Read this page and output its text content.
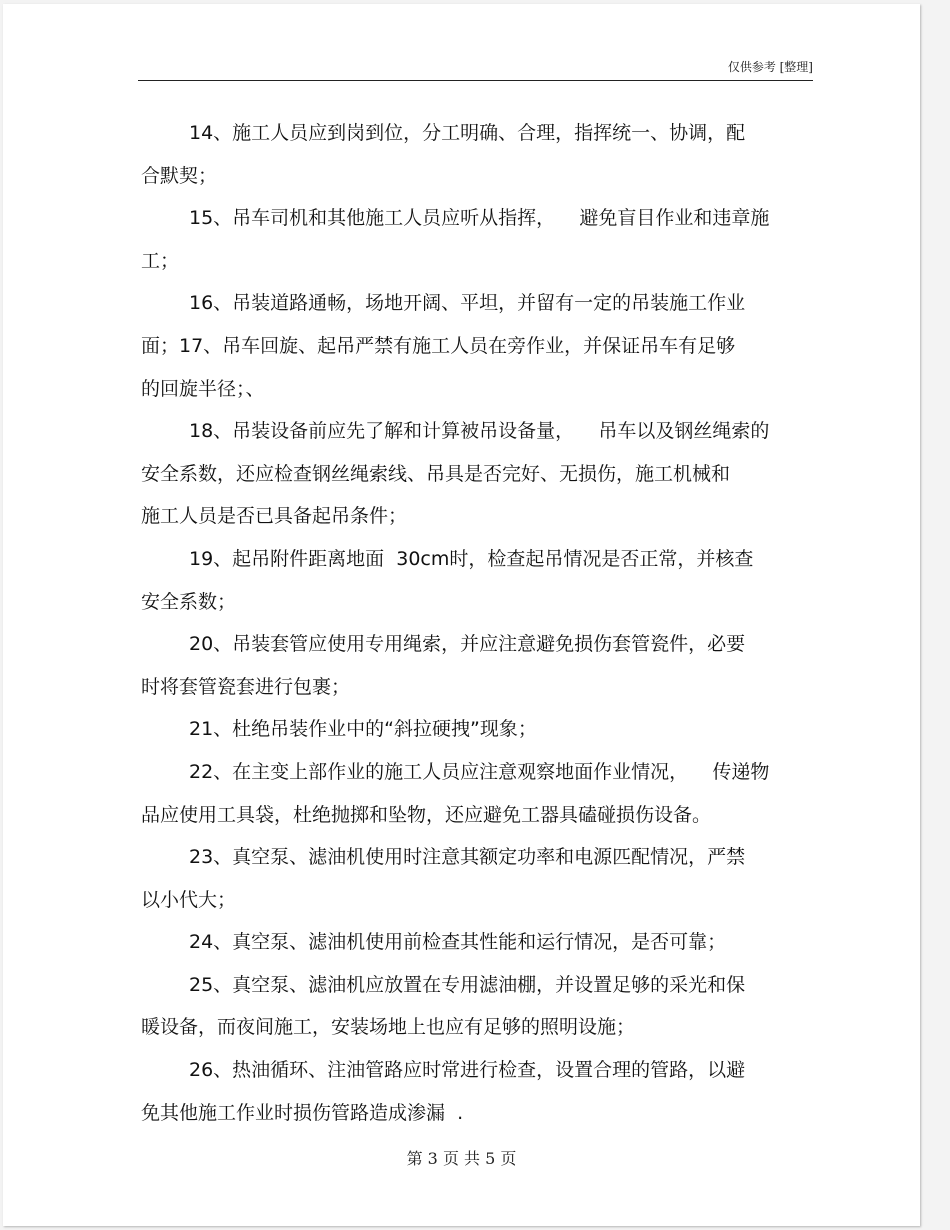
仅供参考 [整理]
14、施工人员应到岗到位，分工明确、合理，指挥统一、协调，配
合默契；
15、吊车司机和其他施工人员应听从指挥，    避免盲目作业和违章施
工；
16、吊装道路通畅，场地开阔、平坦，并留有一定的吊装施工作业
面；17、吊车回旋、起吊严禁有施工人员在旁作业，并保证吊车有足够
的回旋半径；、
18、吊装设备前应先了解和计算被吊设备量，    吊车以及钢丝绳索的
安全系数，还应检查钢丝绳索线、吊具是否完好、无损伤，施工机械和
施工人员是否已具备起吊条件；
19、起吊附件距离地面  30cm时，检查起吊情况是否正常，并核查
安全系数；
20、吊装套管应使用专用绳索，并应注意避免损伤套管瓷件，必要
时将套管瓷套进行包裹；
21、杜绝吊装作业中的“斜拉硬拽”现象；
22、在主变上部作业的施工人员应注意观察地面作业情况，    传递物
品应使用工具袋，杜绝抛掷和坠物，还应避免工器具磕碰损伤设备。
23、真空泵、滤油机使用时注意其额定功率和电源匹配情况，严禁
以小代大；
24、真空泵、滤油机使用前检查其性能和运行情况，是否可靠；
25、真空泵、滤油机应放置在专用滤油棚，并设置足够的采光和保
暖设备，而夜间施工，安装场地上也应有足够的照明设施；
26、热油循环、注油管路应时常进行检查，设置合理的管路，以避
免其他施工作业时损伤管路造成渗漏  .
第 3 页 共 5 页
